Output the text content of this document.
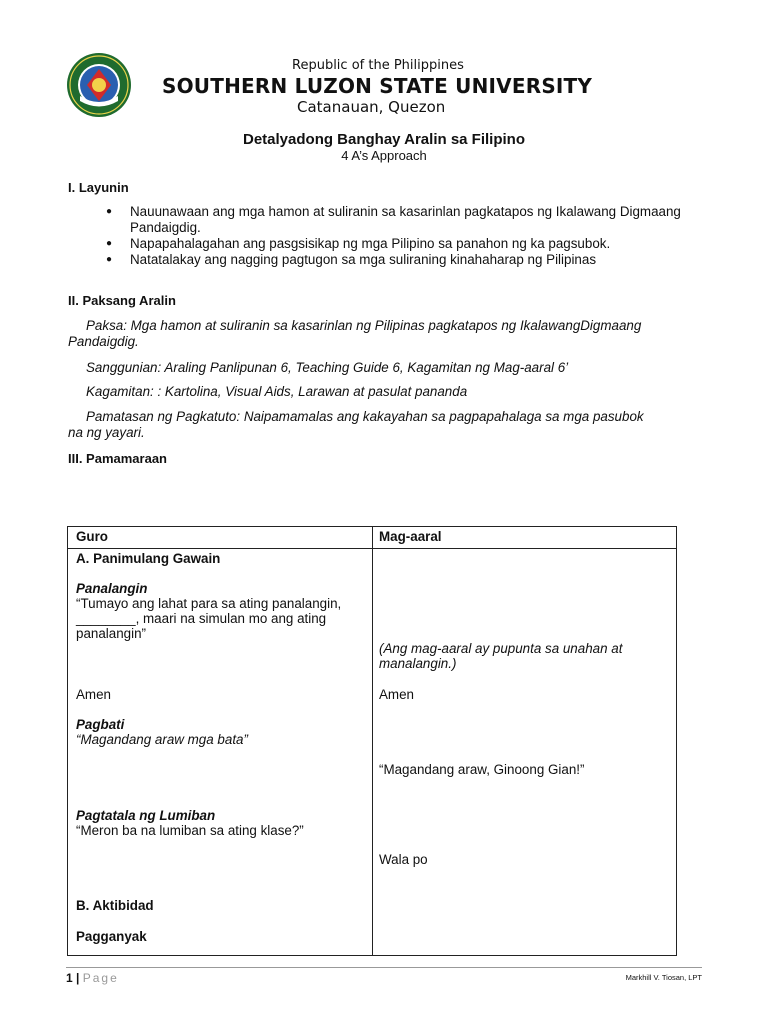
Republic of the Philippines
SOUTHERN LUZON STATE UNIVERSITY
Catanauan, Quezon
Detalyadong Banghay Aralin sa Filipino
4 A’s Approach
I. Layunin
● Nauunawaan ang mga hamon at suliranin sa kasarinlan pagkatapos ng Ikalawang Digmaang Pandaigdig.
● Napapahalagahan ang pasgsisikap ng mga Pilipino sa panahon ng ka pagsubok.
● Natatalakay ang nagging pagtugon sa mga suliraning kinahaharap ng Pilipinas
II. Paksang Aralin
Paksa: Mga hamon at suliranin sa kasarinlan ng Pilipinas pagkatapos ng IkalawangDigmaang Pandaigdig.
Sanggunian: Araling Panlipunan 6, Teaching Guide 6, Kagamitan ng Mag-aaral 6’
Kagamitan: : Kartolina, Visual Aids, Larawan at pasulat pananda
Pamatasan ng Pagkatuto: Naipamamalas ang kakayahan sa pagpapahalaga sa mga pasubok na ng yayari.
III. Pamamaraan
Guro	Mag-aaral
A. Panimulang Gawain
Panalangin
“Tumayo ang lahat para sa ating panalangin, ________, maari na simulan mo ang ating panalangin”
Amen
Pagbati
“Magandang araw mga bata”
Pagtatala ng Lumiban
“Meron ba na lumiban sa ating klase?”
B. Aktibidad
Pagganyak
(Ang mag-aaral ay pupunta sa unahan at manalangin.)
Amen
“Magandang araw, Ginoong Gian!”
Wala po
1 | Page	Markhill V. Tiosan, LPT
